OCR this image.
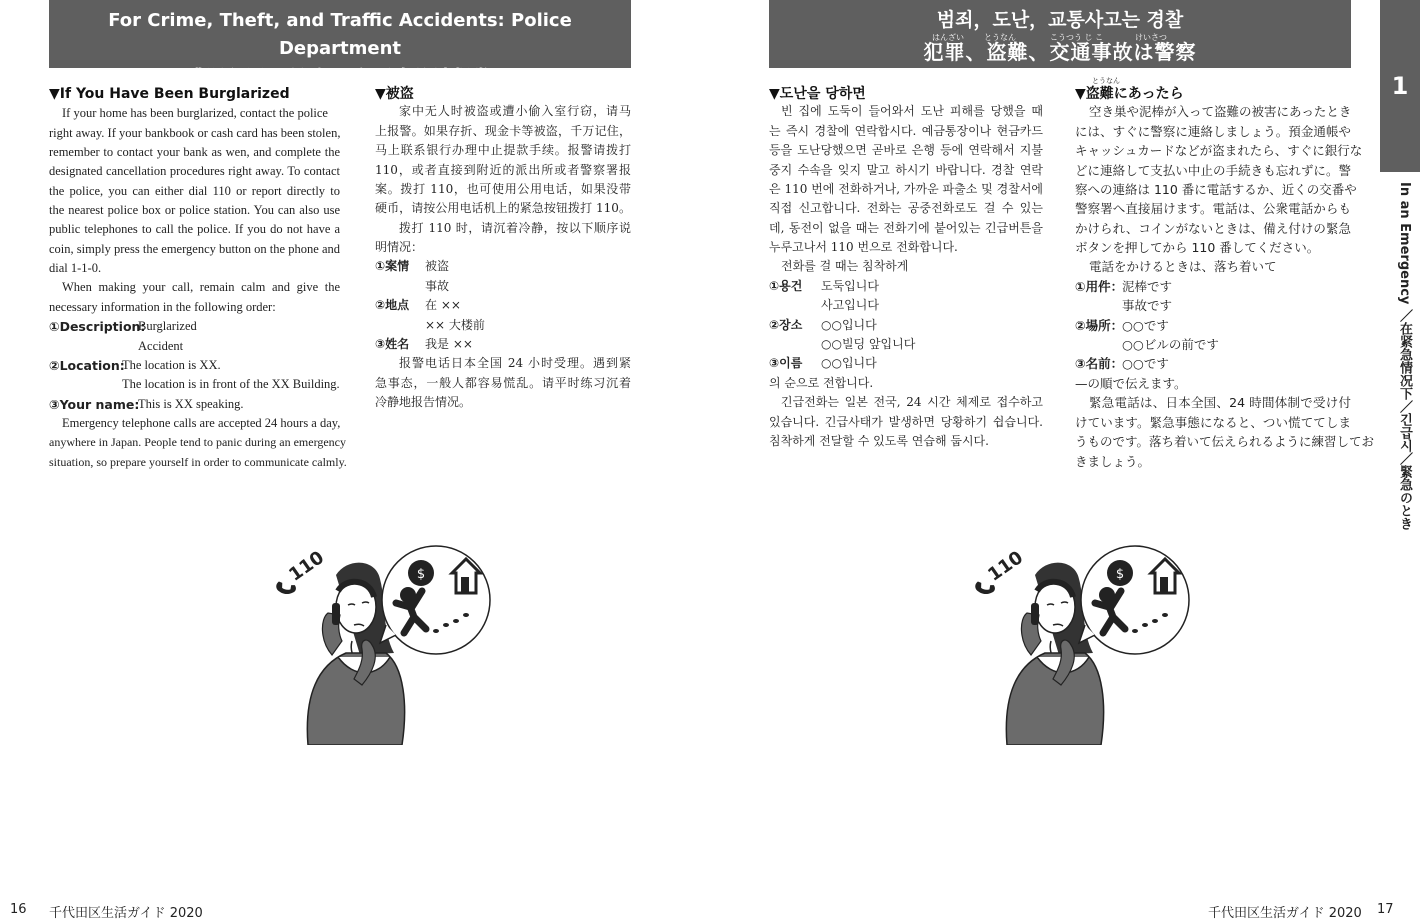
For Crime, Theft, and Traffic Accidents: Police Department
遭遇犯罪 · 被盗 · 交通事故请报警
▼If You Have Been Burglarized
If your home has been burglarized, contact the police
right away. If your bankbook or cash card has been stolen,
remember to contact your bank as wen, and complete the
designated cancellation procedures right away. To contact
the police, you can either dial 110 or report directly to
the nearest police box or police station. You can also use
public telephones to call the police. If you do not have a
coin, simply press the emergency button on the phone and
dial 1-1-0.
When making your call, remain calm and give the
necessary information in the following order:
①Description:
Burglarized
Accident
②Location:
The location is XX.
The location is in front of the XX Building.
③Your name:
This is XX speaking.
Emergency telephone calls are accepted 24 hours a day,
anywhere in Japan. People tend to panic during an emergency
situation, so prepare yourself in order to communicate calmly.
▼被盗
家中无人时被盗或遭小偷入室行窃，请马
上报警。如果存折、现金卡等被盗，千万记住，
马上联系银行办理中止提款手续。报警请拨打
110，或者直接到附近的派出所或者警察署报
案。拨打 110，也可使用公用电话，如果没带
硬币，请按公用电话机上的紧急按钮拨打 110。
拨打 110 时，请沉着冷静，按以下顺序说
明情况：
①案情 被盗
事故
②地点 在 ××
×× 大楼前
③姓名 我是 ××
报警电话日本全国 24 小时受理。遇到紧
急事态，一般人都容易慌乱。请平时练习沉着
冷静地报告情况。
110	$
16 千代田区生活ガイド 2020
범죄，도난，교통사고는 경찰
はんざい	とうなん	こうつう じ こ	けいさつ
犯罪、盗難、交通事故は警察
▼도난을 당하면
빈 집에 도둑이 들어와서 도난 피해를 당했을 때
는 즉시 경찰에 연락합시다. 예금통장이나 현금카드
등을 도난당했으면 곧바로 은행 등에 연락해서 지불
중지 수속을 잊지 말고 하시기 바랍니다. 경찰 연락
은 110 번에 전화하거나, 가까운 파출소 및 경찰서에
직접 신고합니다. 전화는 공중전화로도 걸 수 있는
데, 동전이 없을 때는 전화기에 붙어있는 긴급버튼을
누루고나서 110 번으로 전화합니다.
전화를 걸 때는 침착하게
①용건 도둑입니다
사고입니다
②장소 ○○입니다
○○빌딩 앞입니다
③이름 ○○입니다
의 순으로 전합니다.
긴급전화는 일본 전국, 24 시간 체제로 접수하고
있습니다. 긴급사태가 발생하면 당황하기 쉽습니다.
침착하게 전달할 수 있도록 연습해 둡시다.
▼盗難にあったら
とうなん
空き巣や泥棒が入って盗難の被害にあったとき
には、すぐに警察に連絡しましょう。預金通帳や
キャッシュカードなどが盗まれたら、すぐに銀行な
どに連絡して支払い中止の手続きも忘れずに。警
察への連絡は 110 番に電話するか、近くの交番や
警察署へ直接届けます。電話は、公衆電話からも
かけられ、コインがないときは、備え付けの緊急
ボタンを押してから 110 番してください。
電話をかけるときは、落ち着いて
①用件：
泥棒です
事故です
②場所：
○○です
○○ビルの前です
③名前：
○○です
—の順で伝えます。
緊急電話は、日本全国、24 時間体制で受け付
けています。緊急事態になると、つい慌ててしま
うものです。落ち着いて伝えられるように練習してお
きましょう。
110	$
1
In an Emergency ／在紧急情况下／긴급시／緊急のとき
千代田区生活ガイド 2020 17
